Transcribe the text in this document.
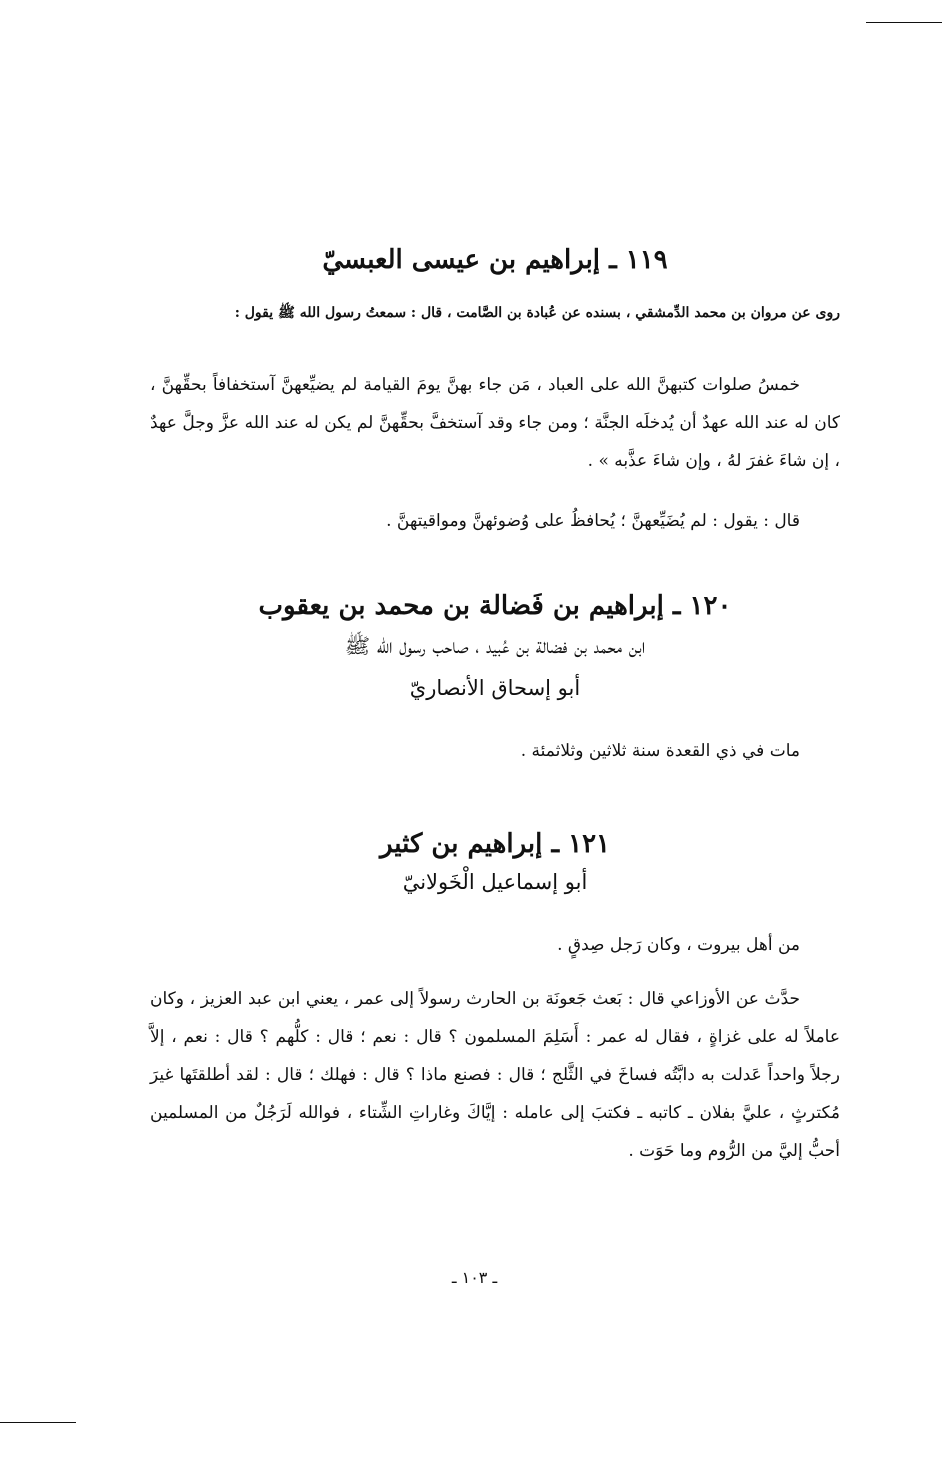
١١٩ ـ إبراهيم بن عيسى العبسيّ

روى عن مروان بن محمد الدِّمشقي ، بسنده عن عُبادة بن الصَّامت ، قال : سمعتُ رسول الله ﷺ يقول :

خمسُ صلوات كتبهنَّ الله على العباد ، مَن جاء بهنَّ يومَ القيامة لم يضيِّعهنَّ آستخفافاً بحقِّهنَّ ، كان له عند الله عهدٌ أن يُدخلَه الجنَّة ؛ ومن جاء وقد آستخفَّ بحقِّهنَّ لم يكن له عند الله عزَّ وجلَّ عهدٌ ، إن شاءَ غفرَ لهُ ، وإن شاءَ عذَّبه » .

قال : يقول : لم يُضَيِّعهنَّ ؛ يُحافظُ على وُضوئهنَّ ومواقيتهنَّ .

١٢٠ ـ إبراهيم بن فَضالة بن محمد بن يعقوب

ابن محمد بن فضالة بن عُبيد ، صاحب رسول الله ﷺ

أبو إسحاق الأنصاريّ

مات في ذي القعدة سنة ثلاثين وثلاثمئة .

١٢١ ـ إبراهيم بن كثير

أبو إسماعيل الْخَولانيّ

من أهل بيروت ، وكان رَجل صِدقٍ .

حدَّث عن الأوزاعي قال : بَعث جَعونَة بن الحارث رسولاً إلى عمر ، يعني ابن عبد العزيز ، وكان عاملاً له على غزاةٍ ، فقال له عمر : أَسَلِمَ المسلمون ؟ قال : نعم ؛ قال : كلُّهم ؟ قال : نعم ، إلاَّ رجلاً واحداً عَدلت به دابَّتُه فساخَ في الثَّلج ؛ قال : فصنع ماذا ؟ قال : فهلك ؛ قال : لقد أطلقتَها غيرَ مُكترثٍ ، عليَّ بفلان ـ كاتبه ـ فكتبَ إلى عامله : إيَّاكَ وغاراتِ الشِّتاء ، فوالله لَرَجُلٌ من المسلمين أحبُّ إليَّ من الرُّوم وما حَوَت .

ـ ١٠٣ ـ
